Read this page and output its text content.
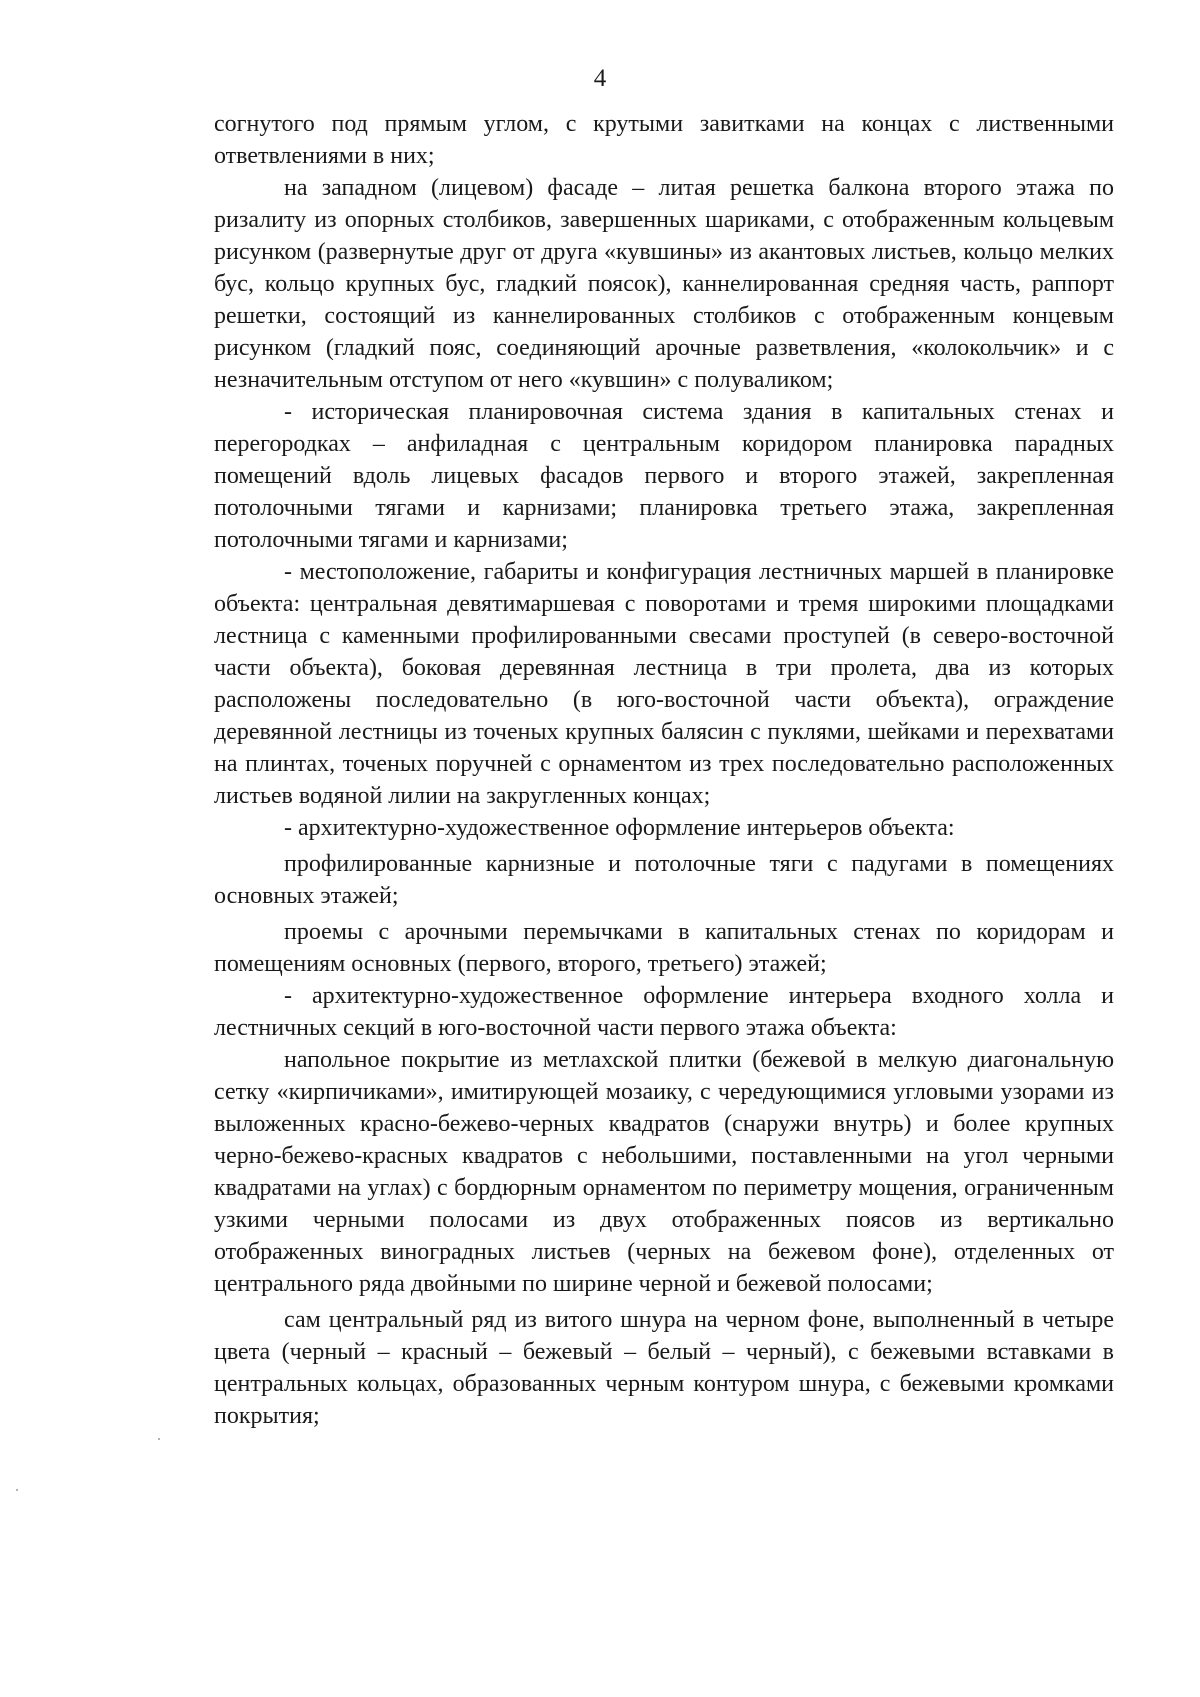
4

согнутого под прямым углом, с крутыми завитками на концах с лиственными ответвлениями в них;

на западном (лицевом) фасаде – литая решетка балкона второго этажа по ризалиту из опорных столбиков, завершенных шариками, с отображенным кольцевым рисунком (развернутые друг от друга «кувшины» из акантовых листьев, кольцо мелких бус, кольцо крупных бус, гладкий поясок), каннелированная средняя часть, раппорт решетки, состоящий из каннелированных столбиков с отображенным концевым рисунком (гладкий пояс, соединяющий арочные разветвления, «колокольчик» и с незначительным отступом от него «кувшин» с полуваликом;

- историческая планировочная система здания в капитальных стенах и перегородках – анфиладная с центральным коридором планировка парадных помещений вдоль лицевых фасадов первого и второго этажей, закрепленная потолочными тягами и карнизами; планировка третьего этажа, закрепленная потолочными тягами и карнизами;

- местоположение, габариты и конфигурация лестничных маршей в планировке объекта: центральная девятимаршевая с поворотами и тремя широкими площадками лестница с каменными профилированными свесами проступей (в северо-восточной части объекта), боковая деревянная лестница в три пролета, два из которых расположены последовательно (в юго-восточной части объекта), ограждение деревянной лестницы из точеных крупных балясин с пуклями, шейками и перехватами на плинтах, точеных поручней с орнаментом из трех последовательно расположенных листьев водяной лилии на закругленных концах;

- архитектурно-художественное оформление интерьеров объекта:

профилированные карнизные и потолочные тяги с падугами в помещениях основных этажей;

проемы с арочными перемычками в капитальных стенах по коридорам и помещениям основных (первого, второго, третьего) этажей;

- архитектурно-художественное оформление интерьера входного холла и лестничных секций в юго-восточной части первого этажа объекта:

напольное покрытие из метлахской плитки (бежевой в мелкую диагональную сетку «кирпичиками», имитирующей мозаику, с чередующимися угловыми узорами из выложенных красно-бежево-черных квадратов (снаружи внутрь) и более крупных черно-бежево-красных квадратов с небольшими, поставленными на угол черными квадратами на углах) с бордюрным орнаментом по периметру мощения, ограниченным узкими черными полосами из двух отображенных поясов из вертикально отображенных виноградных листьев (черных на бежевом фоне), отделенных от центрального ряда двойными по ширине черной и бежевой полосами;

сам центральный ряд из витого шнура на черном фоне, выполненный в четыре цвета (черный – красный – бежевый – белый – черный), с бежевыми вставками в центральных кольцах, образованных черным контуром шнура, с бежевыми кромками покрытия;
